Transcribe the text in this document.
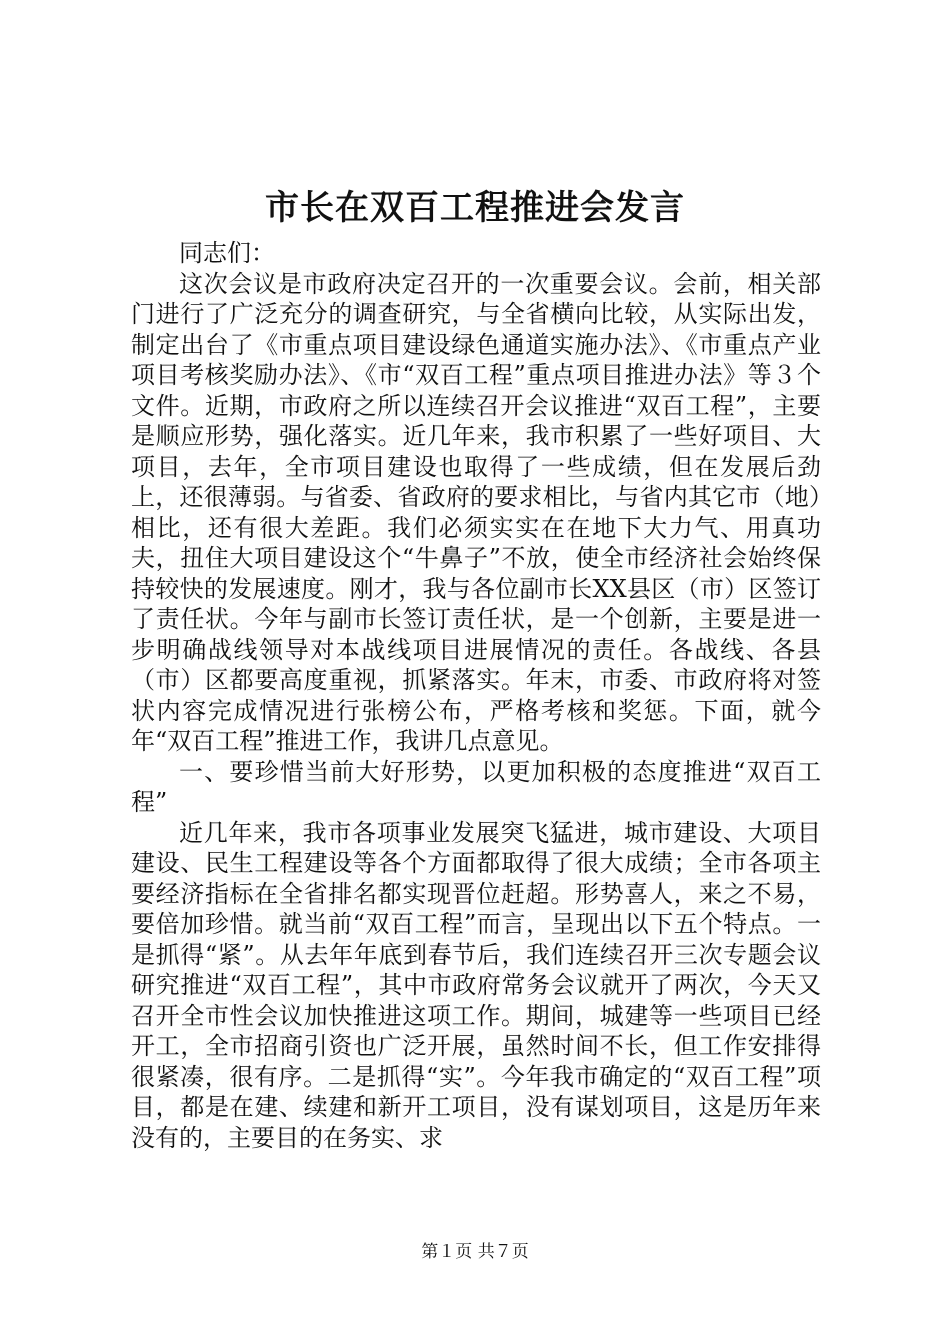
市长在双百工程推进会发言

同志们：

这次会议是市政府决定召开的一次重要会议。会前，相关部门进行了广泛充分的调查研究，与全省横向比较，从实际出发，制定出台了《市重点项目建设绿色通道实施办法》、《市重点产业项目考核奖励办法》、《市“双百工程”重点项目推进办法》等３个文件。近期，市政府之所以连续召开会议推进“双百工程”，主要是顺应形势，强化落实。近几年来，我市积累了一些好项目、大项目，去年，全市项目建设也取得了一些成绩，但在发展后劲上，还很薄弱。与省委、省政府的要求相比，与省内其它市（地）相比，还有很大差距。我们必须实实在在地下大力气、用真功夫，扭住大项目建设这个“牛鼻子”不放，使全市经济社会始终保持较快的发展速度。刚才，我与各位副市长XX县区（市）区签订了责任状。今年与副市长签订责任状，是一个创新，主要是进一步明确战线领导对本战线项目进展情况的责任。各战线、各县（市）区都要高度重视，抓紧落实。年末，市委、市政府将对签状内容完成情况进行张榜公布，严格考核和奖惩。下面，就今年“双百工程”推进工作，我讲几点意见。

一、要珍惜当前大好形势，以更加积极的态度推进“双百工程”

近几年来，我市各项事业发展突飞猛进，城市建设、大项目建设、民生工程建设等各个方面都取得了很大成绩；全市各项主要经济指标在全省排名都实现晋位赶超。形势喜人，来之不易，要倍加珍惜。就当前“双百工程”而言，呈现出以下五个特点。一是抓得“紧”。从去年年底到春节后，我们连续召开三次专题会议研究推进“双百工程”，其中市政府常务会议就开了两次，今天又召开全市性会议加快推进这项工作。期间，城建等一些项目已经开工，全市招商引资也广泛开展，虽然时间不长，但工作安排得很紧凑，很有序。二是抓得“实”。今年我市确定的“双百工程”项目，都是在建、续建和新开工项目，没有谋划项目，这是历年来没有的，主要目的在务实、求

第１页 共７页
